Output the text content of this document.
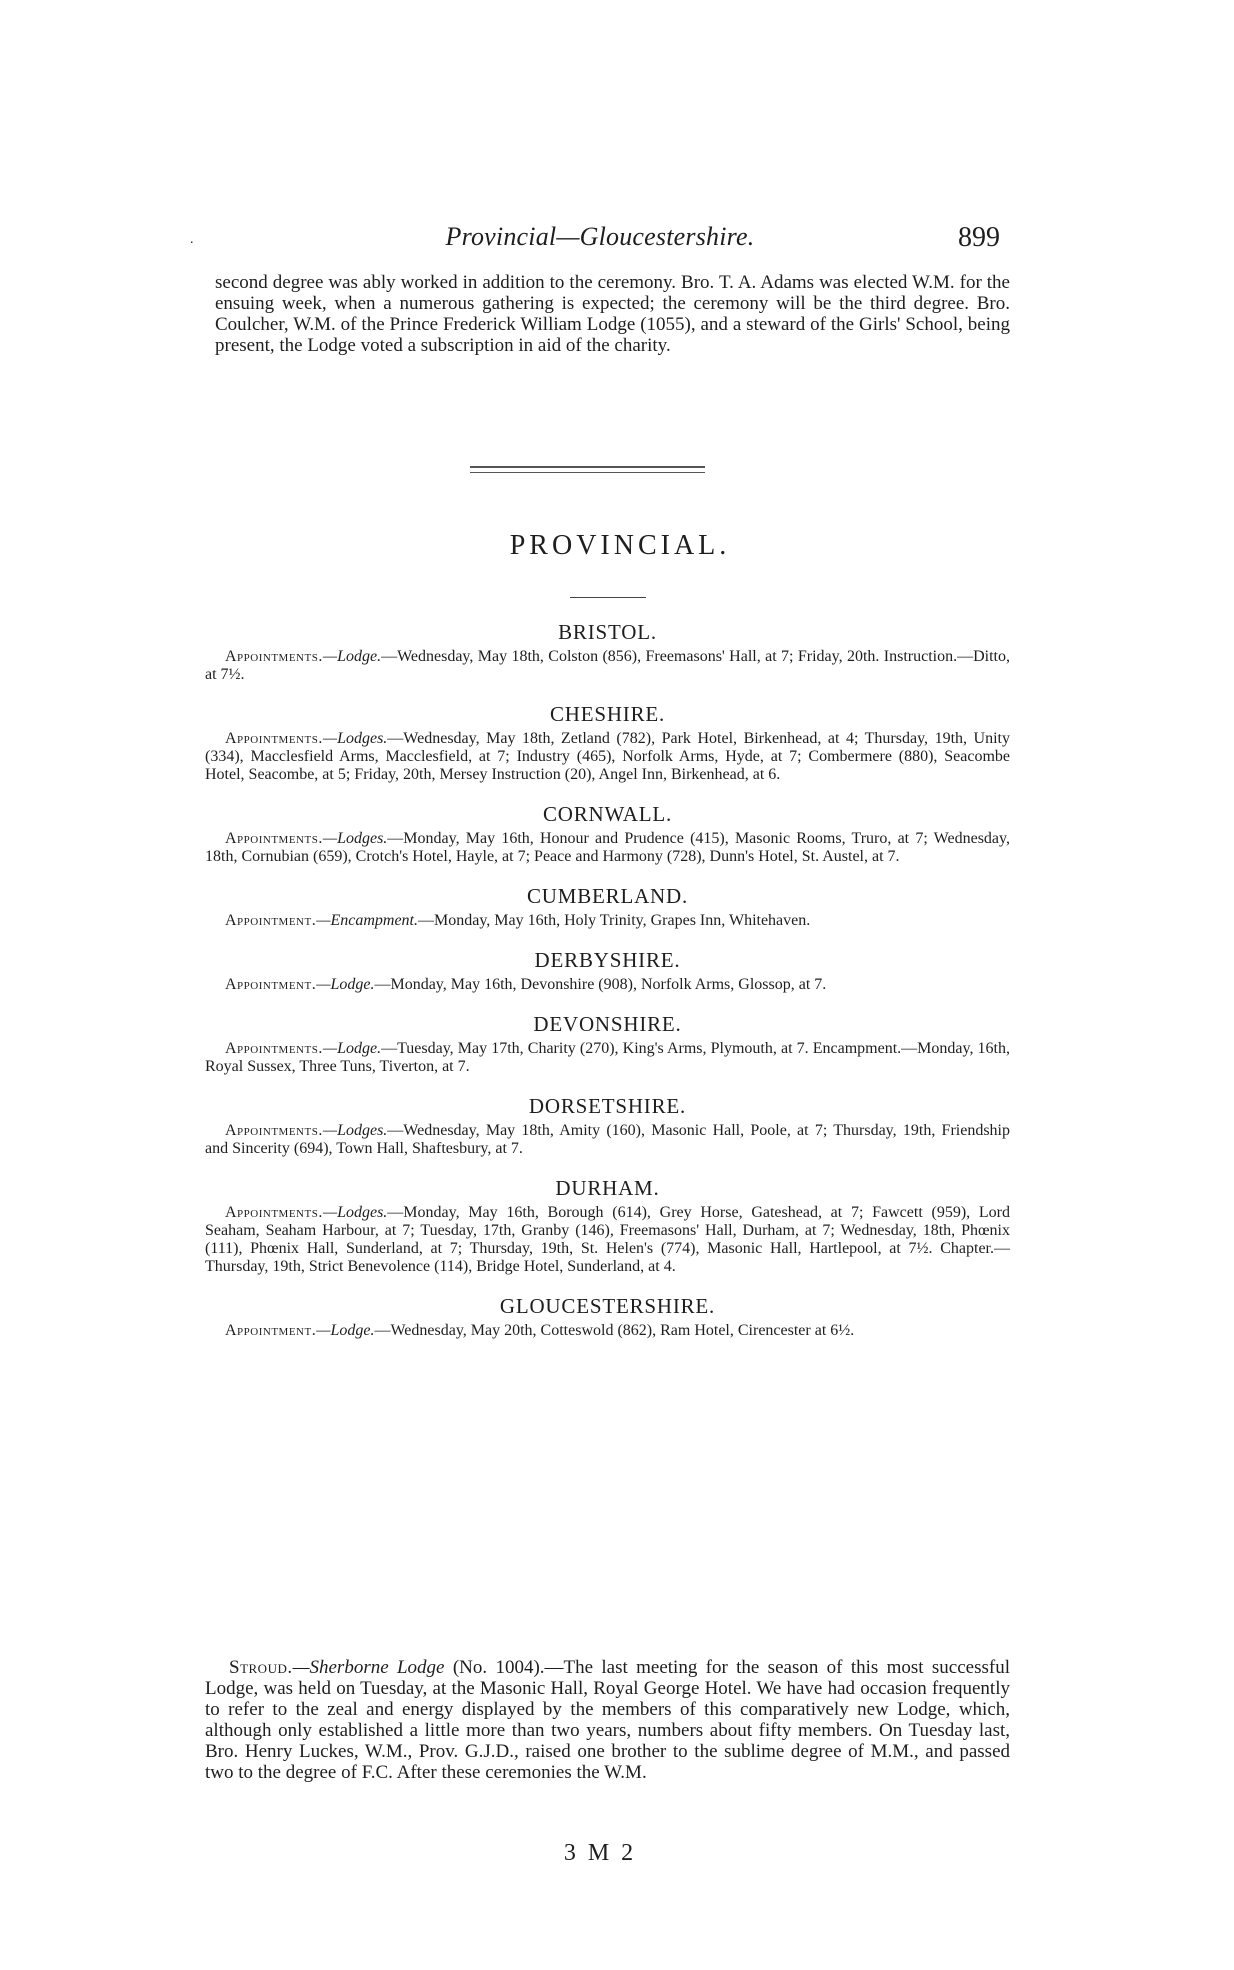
.	Provincial—Gloucestershire.	899
second degree was ably worked in addition to the ceremony. Bro. T. A. Adams was elected W.M. for the ensuing week, when a numerous gathering is expected; the ceremony will be the third degree. Bro. Coulcher, W.M. of the Prince Frederick William Lodge (1055), and a steward of the Girls' School, being present, the Lodge voted a subscription in aid of the charity.
PROVINCIAL.
BRISTOL.

Appointments.—Lodge.—Wednesday, May 18th, Colston (856), Freemasons' Hall, at 7; Friday, 20th. Instruction.—Ditto, at 7½.

CHESHIRE.

Appointments.—Lodges.—Wednesday, May 18th, Zetland (782), Park Hotel, Birkenhead, at 4; Thursday, 19th, Unity (334), Macclesfield Arms, Macclesfield, at 7; Industry (465), Norfolk Arms, Hyde, at 7; Combermere (880), Seacombe Hotel, Seacombe, at 5; Friday, 20th, Mersey Instruction (20), Angel Inn, Birkenhead, at 6.

CORNWALL.

Appointments.—Lodges.—Monday, May 16th, Honour and Prudence (415), Masonic Rooms, Truro, at 7; Wednesday, 18th, Cornubian (659), Crotch's Hotel, Hayle, at 7; Peace and Harmony (728), Dunn's Hotel, St. Austel, at 7.

CUMBERLAND.

Appointment.—Encampment.—Monday, May 16th, Holy Trinity, Grapes Inn, Whitehaven.

DERBYSHIRE.

Appointment.—Lodge.—Monday, May 16th, Devonshire (908), Norfolk Arms, Glossop, at 7.

DEVONSHIRE.

Appointments.—Lodge.—Tuesday, May 17th, Charity (270), King's Arms, Plymouth, at 7. Encampment.—Monday, 16th, Royal Sussex, Three Tuns, Tiverton, at 7.

DORSETSHIRE.

Appointments.—Lodges.—Wednesday, May 18th, Amity (160), Masonic Hall, Poole, at 7; Thursday, 19th, Friendship and Sincerity (694), Town Hall, Shaftesbury, at 7.

DURHAM.

Appointments.—Lodges.—Monday, May 16th, Borough (614), Grey Horse, Gateshead, at 7; Fawcett (959), Lord Seaham, Seaham Harbour, at 7; Tuesday, 17th, Granby (146), Freemasons' Hall, Durham, at 7; Wednesday, 18th, Phœnix (111), Phœnix Hall, Sunderland, at 7; Thursday, 19th, St. Helen's (774), Masonic Hall, Hartlepool, at 7½. Chapter.—Thursday, 19th, Strict Benevolence (114), Bridge Hotel, Sunderland, at 4.

GLOUCESTERSHIRE.

Appointment.—Lodge.—Wednesday, May 20th, Cotteswold (862), Ram Hotel, Cirencester at 6½.

Stroud.—Sherborne Lodge (No. 1004).—The last meeting for the season of this most successful Lodge, was held on Tuesday, at the Masonic Hall, Royal George Hotel. We have had occasion frequently to refer to the zeal and energy displayed by the members of this comparatively new Lodge, which, although only established a little more than two years, numbers about fifty members. On Tuesday last, Bro. Henry Luckes, W.M., Prov. G.J.D., raised one brother to the sublime degree of M.M., and passed two to the degree of F.C. After these ceremonies the W.M.
3 M 2
